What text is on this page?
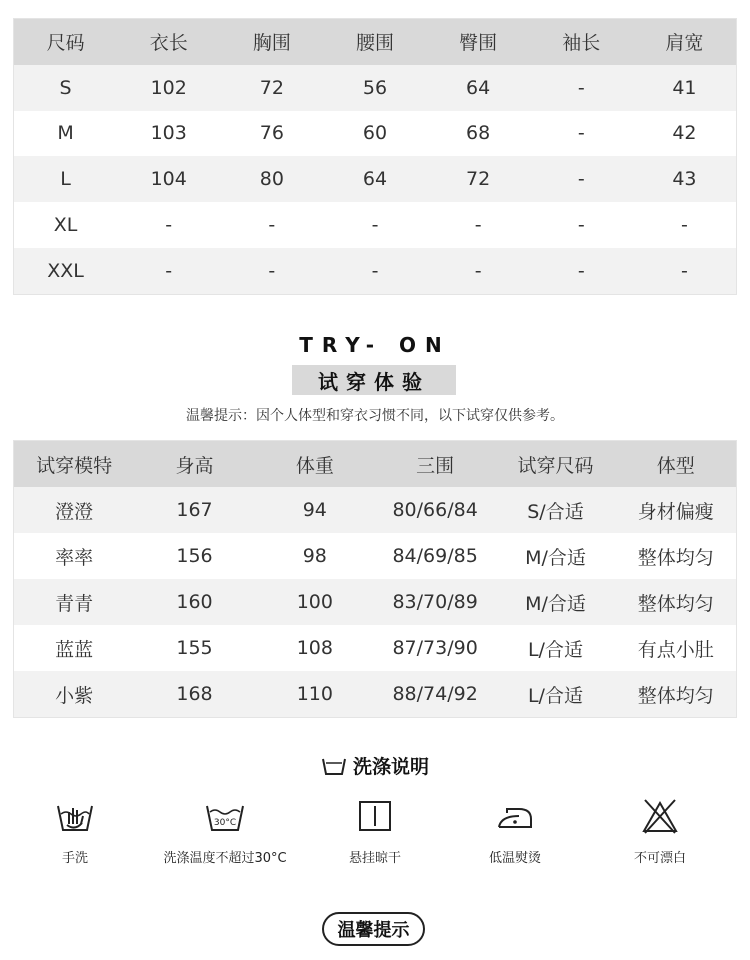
尺码	衣长	胸围	腰围	臀围	袖长	肩宽
S	102	72	56	64	-	41
M	103	76	60	68	-	42
L	104	80	64	72	-	43
XL	-	-	-	-	-	-
XXL	-	-	-	-	-	-
TRY- ON
试穿体验
温馨提示：因个人体型和穿衣习惯不同，以下试穿仅供参考。
试穿模特	身高	体重	三围	试穿尺码	体型
澄澄	167	94	80/66/84	S/合适	身材偏瘦
率率	156	98	84/69/85	M/合适	整体均匀
青青	160	100	83/70/89	M/合适	整体均匀
蓝蓝	155	108	87/73/90	L/合适	有点小肚
小紫	168	110	88/74/92	L/合适	整体均匀
洗涤说明
手洗
30°C
洗涤温度不超过30°C	悬挂晾干	低温熨烫	不可漂白
温馨提示
